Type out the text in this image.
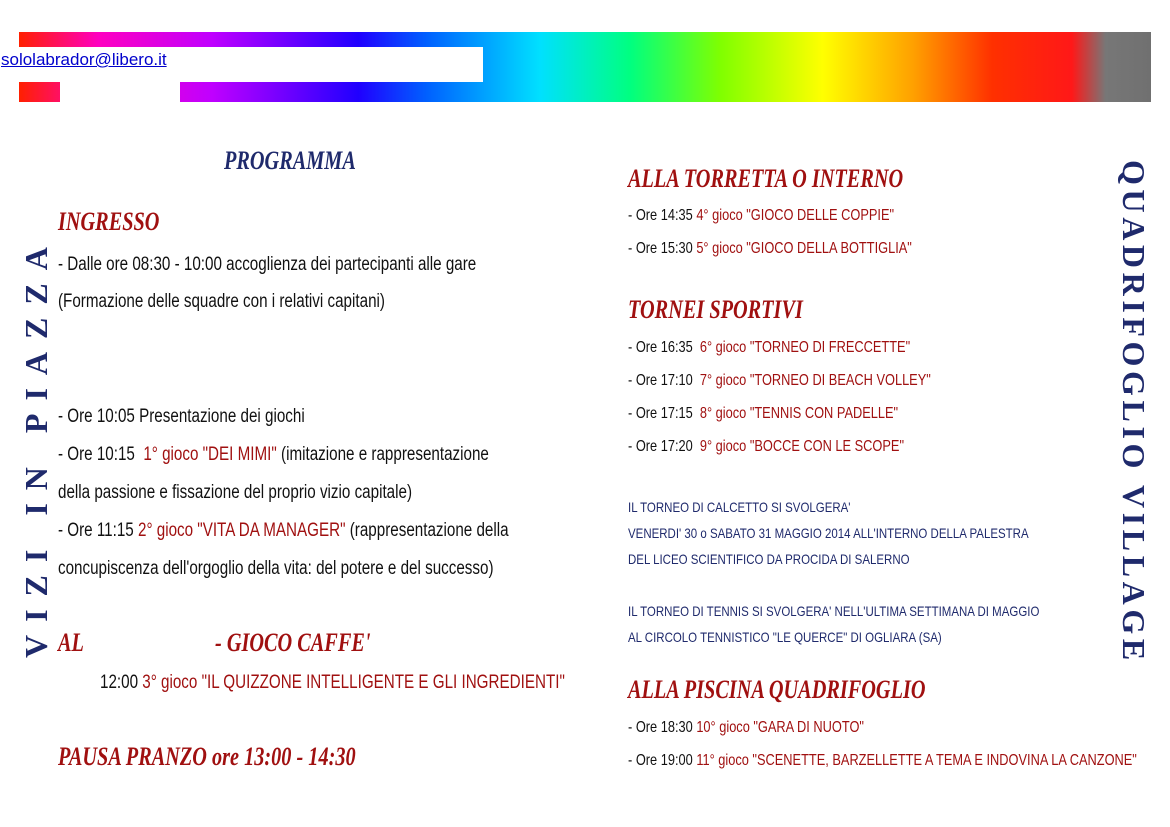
sololabrador@libero.it
VIZI IN PIAZZA	QUADRIFOGLIO VILLAGE
PROGRAMMA
INGRESSO
- Dalle ore 08:30 - 10:00 accoglienza dei partecipanti alle gare
(Formazione delle squadre con i relativi capitani)
- Ore 10:05 Presentazione dei giochi
- Ore 10:15 1° gioco "DEI MIMI" (imitazione e rappresentazione
della passione e fissazione del proprio vizio capitale)
- Ore 11:15 2° gioco "VITA DA MANAGER" (rappresentazione della
concupiscenza dell'orgoglio della vita: del potere e del successo)
AL	- GIOCO CAFFE'
12:00 3° gioco "IL QUIZZONE INTELLIGENTE E GLI INGREDIENTI"
PAUSA PRANZO ore 13:00 - 14:30
ALLA TORRETTA O INTERNO
- Ore 14:35 4° gioco "GIOCO DELLE COPPIE"
- Ore 15:30 5° gioco "GIOCO DELLA BOTTIGLIA"
TORNEI SPORTIVI
- Ore 16:35 6° gioco "TORNEO DI FRECCETTE"
- Ore 17:10 7° gioco "TORNEO DI BEACH VOLLEY"
- Ore 17:15 8° gioco "TENNIS CON PADELLE"
- Ore 17:20 9° gioco "BOCCE CON LE SCOPE"
IL TORNEO DI CALCETTO SI SVOLGERA'
VENERDI' 30 o SABATO 31 MAGGIO 2014 ALL'INTERNO DELLA PALESTRA
DEL LICEO SCIENTIFICO DA PROCIDA DI SALERNO
IL TORNEO DI TENNIS SI SVOLGERA' NELL'ULTIMA SETTIMANA DI MAGGIO
AL CIRCOLO TENNISTICO "LE QUERCE" DI OGLIARA (SA)
ALLA PISCINA QUADRIFOGLIO
- Ore 18:30 10° gioco "GARA DI NUOTO"
- Ore 19:00 11° gioco "SCENETTE, BARZELLETTE A TEMA E INDOVINA LA CANZONE"
